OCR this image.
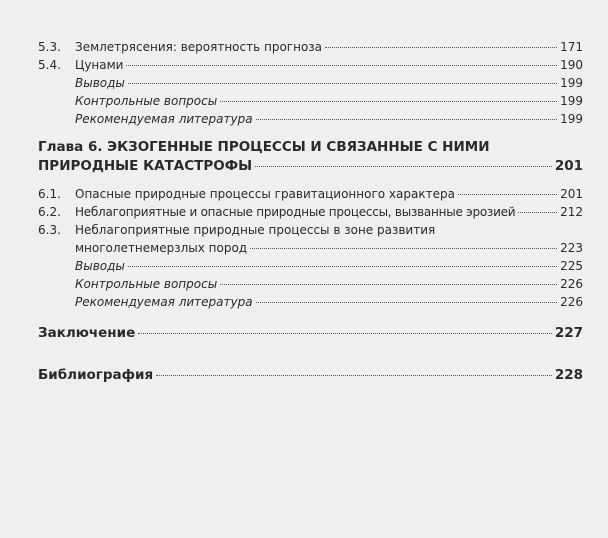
5.3. Землетрясения: вероятность прогноза	171
5.4. Цунами	190
Выводы	199
Контрольные вопросы	199
Рекомендуемая литература	199
Глава 6. ЭКЗОГЕННЫЕ ПРОЦЕССЫ И СВЯЗАННЫЕ С НИМИ
ПРИРОДНЫЕ КАТАСТРОФЫ	201
6.1. Опасные природные процессы гравитационного характера	201
6.2. Неблагоприятные и опасные природные процессы, вызванные эрозией	212
6.3. Неблагоприятные природные процессы в зоне развития
многолетнемерзлых пород	223
Выводы	225
Контрольные вопросы	226
Рекомендуемая литература	226
Заключение	227
Библиография	228
